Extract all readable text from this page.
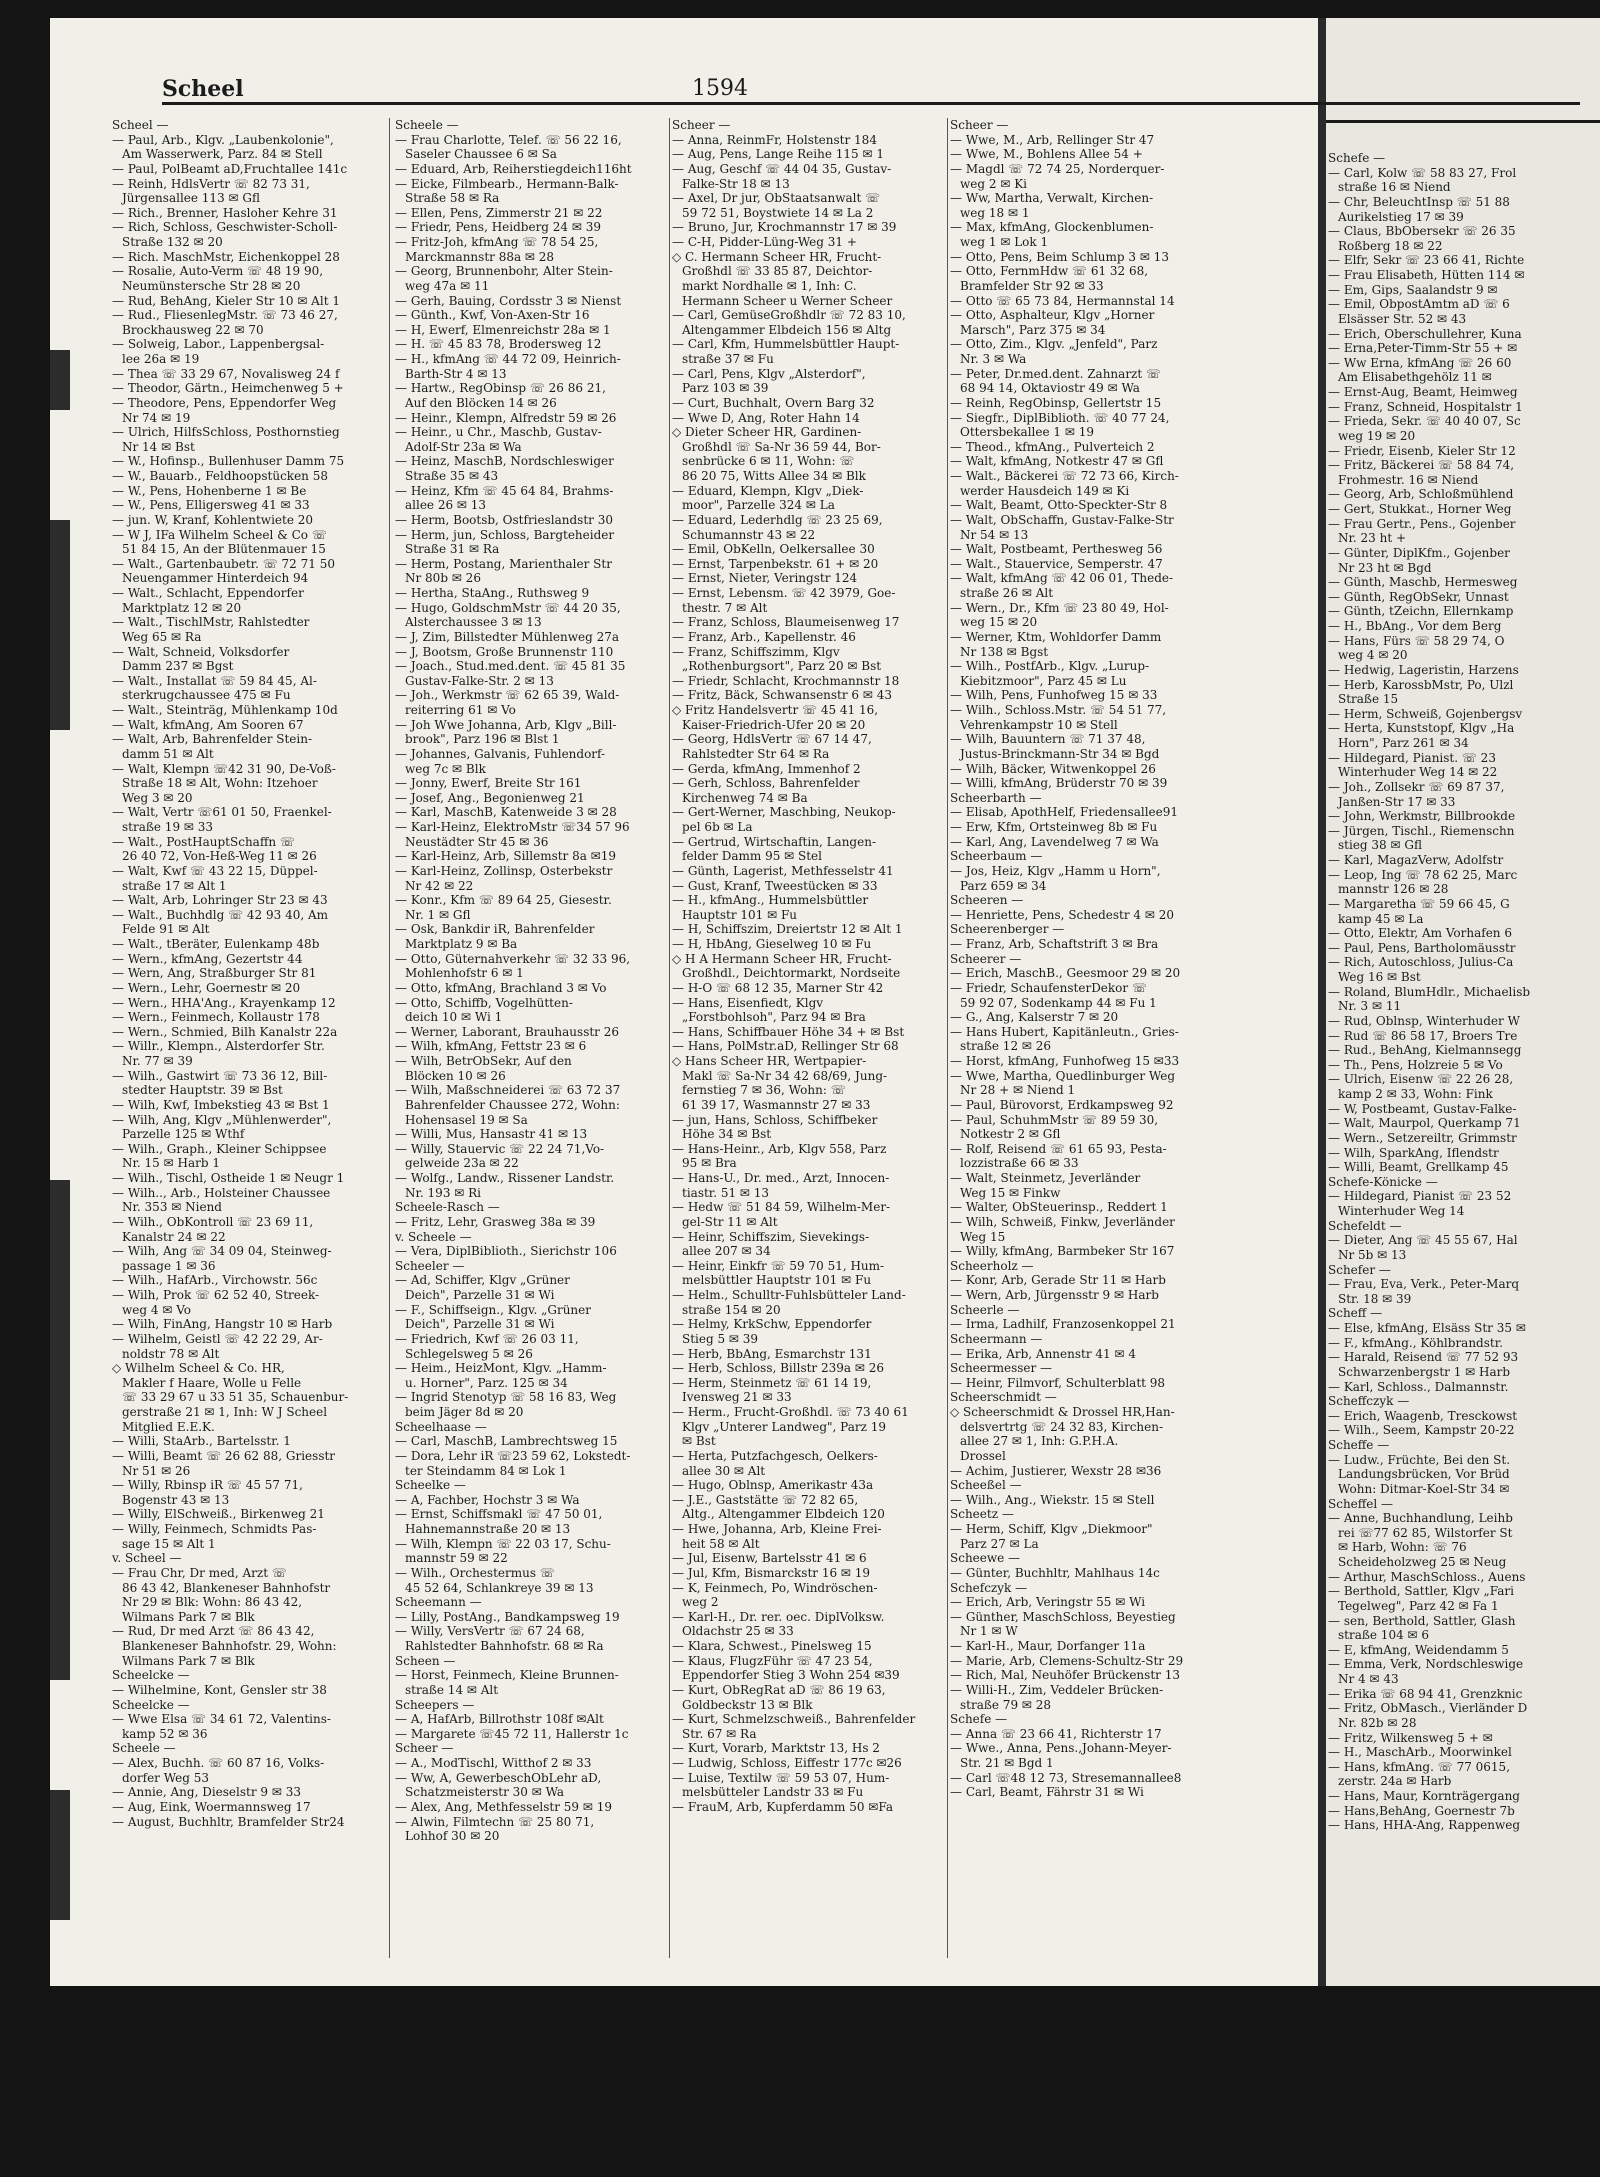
Schefe —
— Carl, Kolw ☏ 58 83 27, Frol
straße 16 ✉ Niend
— Chr, BeleuchtInsp ☏ 51 88
Aurikelstieg 17 ✉ 39
— Claus, BbObersekr ☏ 26 35
Roßberg 18 ✉ 22
— Elfr, Sekr ☏ 23 66 41, Richte
— Frau Elisabeth, Hütten 114 ✉
— Em, Gips, Saalandstr 9 ✉
— Emil, ObpostAmtm aD ☏ 6
Elsässer Str. 52 ✉ 43
— Erich, Oberschullehrer, Kuna
— Erna,Peter-Timm-Str 55 + ✉
— Ww Erna, kfmAng ☏ 26 60
Am Elisabethgehölz 11 ✉
— Ernst-Aug, Beamt, Heimweg
— Franz, Schneid, Hospitalstr 1
— Frieda, Sekr. ☏ 40 40 07, Sc
weg 19 ✉ 20
— Friedr, Eisenb, Kieler Str 12
— Fritz, Bäckerei ☏ 58 84 74,
Frohmestr. 16 ✉ Niend
— Georg, Arb, Schloßmühlend
— Gert, Stukkat., Horner Weg
— Frau Gertr., Pens., Gojenber
Nr. 23 ht +
— Günter, DiplKfm., Gojenber
Nr 23 ht ✉ Bgd
— Günth, Maschb, Hermesweg
— Günth, RegObSekr, Unnast
— Günth, tZeichn, Ellernkamp
— H., BbAng., Vor dem Berg
— Hans, Fürs ☏ 58 29 74, O
weg 4 ✉ 20
— Hedwig, Lageristin, Harzens
— Herb, KarossbMstr, Po, Ulzl
Straße 15
— Herm, Schweiß, Gojenbergsv
— Herta, Kunststopf, Klgv „Ha
Horn", Parz 261 ✉ 34
— Hildegard, Pianist. ☏ 23
Winterhuder Weg 14 ✉ 22
— Joh., Zollsekr ☏ 69 87 37,
Janßen-Str 17 ✉ 33
— John, Werkmstr, Billbrookde
— Jürgen, Tischl., Riemenschn
stieg 38 ✉ Gfl
— Karl, MagazVerw, Adolfstr
— Leop, Ing ☏ 78 62 25, Marc
mannstr 126 ✉ 28
— Margaretha ☏ 59 66 45, G
kamp 45 ✉ La
— Otto, Elektr, Am Vorhafen 6
— Paul, Pens, Bartholomäusstr
— Rich, Autoschloss, Julius-Ca
Weg 16 ✉ Bst
— Roland, BlumHdlr., Michaelisb
Nr. 3 ✉ 11
— Rud, Oblnsp, Winterhuder W
— Rud ☏ 86 58 17, Broers Tre
— Rud., BehAng, Kielmannsegg
— Th., Pens, Holzreie 5 ✉ Vo
— Ulrich, Eisenw ☏ 22 26 28,
kamp 2 ✉ 33, Wohn: Fink
— W, Postbeamt, Gustav-Falke-
— Walt, Maurpol, Querkamp 71
— Wern., Setzereiltr, Grimmstr
— Wilh, SparkAng, Iflendstr
— Willi, Beamt, Grellkamp 45
Schefe-Könicke —
— Hildegard, Pianist ☏ 23 52
Winterhuder Weg 14
Schefeldt —
— Dieter, Ang ☏ 45 55 67, Hal
Nr 5b ✉ 13
Schefer —
— Frau, Eva, Verk., Peter-Marq
Str. 18 ✉ 39
Scheff —
— Else, kfmAng, Elsäss Str 35 ✉
— F., kfmAng., Köhlbrandstr.
— Harald, Reisend ☏ 77 52 93
Schwarzenbergstr 1 ✉ Harb
— Karl, Schloss., Dalmannstr.
Scheffczyk —
— Erich, Waagenb, Tresckowst
— Wilh., Seem, Kampstr 20-22
Scheffe —
— Ludw., Früchte, Bei den St.
Landungsbrücken, Vor Brüd
Wohn: Ditmar-Koel-Str 34 ✉
Scheffel —
— Anne, Buchhandlung, Leihb
rei ☏77 62 85, Wilstorfer St
✉ Harb, Wohn: ☏ 76
Scheideholzweg 25 ✉ Neug
— Arthur, MaschSchloss., Auens
— Berthold, Sattler, Klgv „Fari
Tegelweg", Parz 42 ✉ Fa 1
— sen, Berthold, Sattler, Glash
straße 104 ✉ 6
— E, kfmAng, Weidendamm 5
— Emma, Verk, Nordschleswige
Nr 4 ✉ 43
— Erika ☏ 68 94 41, Grenzknic
— Fritz, ObMasch., Vierländer D
Nr. 82b ✉ 28
— Fritz, Wilkensweg 5 + ✉
— H., MaschArb., Moorwinkel
— Hans, kfmAng. ☏ 77 0615,
zerstr. 24a ✉ Harb
— Hans, Maur, Kornträgergang
— Hans,BehAng, Goernestr 7b
— Hans, HHA-Ang, Rappenweg
Scheel	1594
Scheel —
— Paul, Arb., Klgv. „Laubenkolonie",
Am Wasserwerk, Parz. 84 ✉ Stell
— Paul, PolBeamt aD,Fruchtallee 141c
— Reinh, HdlsVertr ☏ 82 73 31,
Jürgensallee 113 ✉ Gfl
— Rich., Brenner, Hasloher Kehre 31
— Rich, Schloss, Geschwister-Scholl-
Straße 132 ✉ 20
— Rich. MaschMstr, Eichenkoppel 28
— Rosalie, Auto-Verm ☏ 48 19 90,
Neumünstersche Str 28 ✉ 20
— Rud, BehAng, Kieler Str 10 ✉ Alt 1
— Rud., FliesenlegMstr. ☏ 73 46 27,
Brockhausweg 22 ✉ 70
— Solweig, Labor., Lappenbergsal-
lee 26a ✉ 19
— Thea ☏ 33 29 67, Novalisweg 24 f
— Theodor, Gärtn., Heimchenweg 5 +
— Theodore, Pens, Eppendorfer Weg
Nr 74 ✉ 19
— Ulrich, HilfsSchloss, Posthornstieg
Nr 14 ✉ Bst
— W., Hofinsp., Bullenhuser Damm 75
— W., Bauarb., Feldhoopstücken 58
— W., Pens, Hohenberne 1 ✉ Be
— W., Pens, Elligersweg 41 ✉ 33
— jun. W, Kranf, Kohlentwiete 20
— W J, IFa Wilhelm Scheel & Co ☏
51 84 15, An der Blütenmauer 15
— Walt., Gartenbaubetr. ☏ 72 71 50
Neuengammer Hinterdeich 94
— Walt., Schlacht, Eppendorfer
Marktplatz 12 ✉ 20
— Walt., TischlMstr, Rahlstedter
Weg 65 ✉ Ra
— Walt, Schneid, Volksdorfer
Damm 237 ✉ Bgst
— Walt., Installat ☏ 59 84 45, Al-
sterkrugchaussee 475 ✉ Fu
— Walt., Steinträg, Mühlenkamp 10d
— Walt, kfmAng, Am Sooren 67
— Walt, Arb, Bahrenfelder Stein-
damm 51 ✉ Alt
— Walt, Klempn ☏42 31 90, De-Voß-
Straße 18 ✉ Alt, Wohn: Itzehoer
Weg 3 ✉ 20
— Walt, Vertr ☏61 01 50, Fraenkel-
straße 19 ✉ 33
— Walt., PostHauptSchaffn ☏
26 40 72, Von-Heß-Weg 11 ✉ 26
— Walt, Kwf ☏ 43 22 15, Düppel-
straße 17 ✉ Alt 1
— Walt, Arb, Lohringer Str 23 ✉ 43
— Walt., Buchhdlg ☏ 42 93 40, Am
Felde 91 ✉ Alt
— Walt., tBeräter, Eulenkamp 48b
— Wern., kfmAng, Gezertstr 44
— Wern, Ang, Straßburger Str 81
— Wern., Lehr, Goernestr ✉ 20
— Wern., HHA'Ang., Krayenkamp 12
— Wern., Feinmech, Kollaustr 178
— Wern., Schmied, Bilh Kanalstr 22a
— Willr., Klempn., Alsterdorfer Str.
Nr. 77 ✉ 39
— Wilh., Gastwirt ☏ 73 36 12, Bill-
stedter Hauptstr. 39 ✉ Bst
— Wilh, Kwf, Imbekstieg 43 ✉ Bst 1
— Wilh, Ang, Klgv „Mühlenwerder",
Parzelle 125 ✉ Wthf
— Wilh., Graph., Kleiner Schippsee
Nr. 15 ✉ Harb 1
— Wilh., Tischl, Ostheide 1 ✉ Neugr 1
— Wilh.., Arb., Holsteiner Chaussee
Nr. 353 ✉ Niend
— Wilh., ObKontroll ☏ 23 69 11,
Kanalstr 24 ✉ 22
— Wilh, Ang ☏ 34 09 04, Steinweg-
passage 1 ✉ 36
— Wilh., HafArb., Virchowstr. 56c
— Wilh, Prok ☏ 62 52 40, Streek-
weg 4 ✉ Vo
— Wilh, FinAng, Hangstr 10 ✉ Harb
— Wilhelm, Geistl ☏ 42 22 29, Ar-
noldstr 78 ✉ Alt
◇ Wilhelm Scheel & Co. HR,
Makler f Haare, Wolle u Felle
☏ 33 29 67 u 33 51 35, Schauenbur-
gerstraße 21 ✉ 1, Inh: W J Scheel
Mitglied E.E.K.
— Willi, StaArb., Bartelsstr. 1
— Willi, Beamt ☏ 26 62 88, Griesstr
Nr 51 ✉ 26
— Willy, Rbinsp iR ☏ 45 57 71,
Bogenstr 43 ✉ 13
— Willy, ElSchweiß., Birkenweg 21
— Willy, Feinmech, Schmidts Pas-
sage 15 ✉ Alt 1
v. Scheel —
— Frau Chr, Dr med, Arzt ☏
86 43 42, Blankeneser Bahnhofstr
Nr 29 ✉ Blk: Wohn: 86 43 42,
Wilmans Park 7 ✉ Blk
— Rud, Dr med Arzt ☏ 86 43 42,
Blankeneser Bahnhofstr. 29, Wohn:
Wilmans Park 7 ✉ Blk
Scheelcke —
— Wilhelmine, Kont, Gensler str 38
Scheelcke —
— Wwe Elsa ☏ 34 61 72, Valentins-
kamp 52 ✉ 36
Scheele —
— Alex, Buchh. ☏ 60 87 16, Volks-
dorfer Weg 53
— Annie, Ang, Dieselstr 9 ✉ 33
— Aug, Eink, Woermannsweg 17
— August, Buchhltr, Bramfelder Str24
Scheele —
— Frau Charlotte, Telef. ☏ 56 22 16,
Saseler Chaussee 6 ✉ Sa
— Eduard, Arb, Reiherstiegdeich116ht
— Eicke, Filmbearb., Hermann-Balk-
Straße 58 ✉ Ra
— Ellen, Pens, Zimmerstr 21 ✉ 22
— Friedr, Pens, Heidberg 24 ✉ 39
— Fritz-Joh, kfmAng ☏ 78 54 25,
Marckmannstr 88a ✉ 28
— Georg, Brunnenbohr, Alter Stein-
weg 47a ✉ 11
— Gerh, Bauing, Cordsstr 3 ✉ Nienst
— Günth., Kwf, Von-Axen-Str 16
— H, Ewerf, Elmenreichstr 28a ✉ 1
— H. ☏ 45 83 78, Brodersweg 12
— H., kfmAng ☏ 44 72 09, Heinrich-
Barth-Str 4 ✉ 13
— Hartw., RegObinsp ☏ 26 86 21,
Auf den Blöcken 14 ✉ 26
— Heinr., Klempn, Alfredstr 59 ✉ 26
— Heinr., u Chr., Maschb, Gustav-
Adolf-Str 23a ✉ Wa
— Heinz, MaschB, Nordschleswiger
Straße 35 ✉ 43
— Heinz, Kfm ☏ 45 64 84, Brahms-
allee 26 ✉ 13
— Herm, Bootsb, Ostfrieslandstr 30
— Herm, jun, Schloss, Bargteheider
Straße 31 ✉ Ra
— Herm, Postang, Marienthaler Str
Nr 80b ✉ 26
— Hertha, StaAng., Ruthsweg 9
— Hugo, GoldschmMstr ☏ 44 20 35,
Alsterchaussee 3 ✉ 13
— J, Zim, Billstedter Mühlenweg 27a
— J, Bootsm, Große Brunnenstr 110
— Joach., Stud.med.dent. ☏ 45 81 35
Gustav-Falke-Str. 2 ✉ 13
— Joh., Werkmstr ☏ 62 65 39, Wald-
reiterring 61 ✉ Vo
— Joh Wwe Johanna, Arb, Klgv „Bill-
brook", Parz 196 ✉ Blst 1
— Johannes, Galvanis, Fuhlendorf-
weg 7c ✉ Blk
— Jonny, Ewerf, Breite Str 161
— Josef, Ang., Begonienweg 21
— Karl, MaschB, Katenweide 3 ✉ 28
— Karl-Heinz, ElektroMstr ☏34 57 96
Neustädter Str 45 ✉ 36
— Karl-Heinz, Arb, Sillemstr 8a ✉19
— Karl-Heinz, Zollinsp, Osterbekstr
Nr 42 ✉ 22
— Konr., Kfm ☏ 89 64 25, Giesestr.
Nr. 1 ✉ Gfl
— Osk, Bankdir iR, Bahrenfelder
Marktplatz 9 ✉ Ba
— Otto, Güternahverkehr ☏ 32 33 96,
Mohlenhofstr 6 ✉ 1
— Otto, kfmAng, Brachland 3 ✉ Vo
— Otto, Schiffb, Vogelhütten-
deich 10 ✉ Wi 1
— Werner, Laborant, Brauhausstr 26
— Wilh, kfmAng, Fettstr 23 ✉ 6
— Wilh, BetrObSekr, Auf den
Blöcken 10 ✉ 26
— Wilh, Maßschneiderei ☏ 63 72 37
Bahrenfelder Chaussee 272, Wohn:
Hohensasel 19 ✉ Sa
— Willi, Mus, Hansastr 41 ✉ 13
— Willy, Stauervic ☏ 22 24 71,Vo-
gelweide 23a ✉ 22
— Wolfg., Landw., Rissener Landstr.
Nr. 193 ✉ Ri
Scheele-Rasch —
— Fritz, Lehr, Grasweg 38a ✉ 39
v. Scheele —
— Vera, DiplBiblioth., Sierichstr 106
Scheeler —
— Ad, Schiffer, Klgv „Grüner
Deich", Parzelle 31 ✉ Wi
— F., Schiffseign., Klgv. „Grüner
Deich", Parzelle 31 ✉ Wi
— Friedrich, Kwf ☏ 26 03 11,
Schlegelsweg 5 ✉ 26
— Heim., HeizMont, Klgv. „Hamm-
u. Horner", Parz. 125 ✉ 34
— Ingrid Stenotyp ☏ 58 16 83, Weg
beim Jäger 8d ✉ 20
Scheelhaase —
— Carl, MaschB, Lambrechtsweg 15
— Dora, Lehr iR ☏23 59 62, Lokstedt-
ter Steindamm 84 ✉ Lok 1
Scheelke —
— A, Fachber, Hochstr 3 ✉ Wa
— Ernst, Schiffsmakl ☏ 47 50 01,
Hahnemannstraße 20 ✉ 13
— Wilh, Klempn ☏ 22 03 17, Schu-
mannstr 59 ✉ 22
— Wilh., Orchestermus ☏
45 52 64, Schlankreye 39 ✉ 13
Scheemann —
— Lilly, PostAng., Bandkampsweg 19
— Willy, VersVertr ☏ 67 24 68,
Rahlstedter Bahnhofstr. 68 ✉ Ra
Scheen —
— Horst, Feinmech, Kleine Brunnen-
straße 14 ✉ Alt
Scheepers —
— A, HafArb, Billrothstr 108f ✉Alt
— Margarete ☏45 72 11, Hallerstr 1c
Scheer —
— A., ModTischl, Witthof 2 ✉ 33
— Ww, A, GewerbeschObLehr aD,
Schatzmeisterstr 30 ✉ Wa
— Alex, Ang, Methfesselstr 59 ✉ 19
— Alwin, Filmtechn ☏ 25 80 71,
Lohhof 30 ✉ 20
Scheer —
— Anna, ReinmFr, Holstenstr 184
— Aug, Pens, Lange Reihe 115 ✉ 1
— Aug, Geschf ☏ 44 04 35, Gustav-
Falke-Str 18 ✉ 13
— Axel, Dr jur, ObStaatsanwalt ☏
59 72 51, Boystwiete 14 ✉ La 2
— Bruno, Jur, Krochmannstr 17 ✉ 39
— C-H, Pidder-Lüng-Weg 31 +
◇ C. Hermann Scheer HR, Frucht-
Großhdl ☏ 33 85 87, Deichtor-
markt Nordhalle ✉ 1, Inh: C.
Hermann Scheer u Werner Scheer
— Carl, GemüseGroßhdlr ☏ 72 83 10,
Altengammer Elbdeich 156 ✉ Altg
— Carl, Kfm, Hummelsbüttler Haupt-
straße 37 ✉ Fu
— Carl, Pens, Klgv „Alsterdorf",
Parz 103 ✉ 39
— Curt, Buchhalt, Overn Barg 32
— Wwe D, Ang, Roter Hahn 14
◇ Dieter Scheer HR, Gardinen-
Großhdl ☏ Sa-Nr 36 59 44, Bor-
senbrücke 6 ✉ 11, Wohn: ☏
86 20 75, Witts Allee 34 ✉ Blk
— Eduard, Klempn, Klgv „Diek-
moor", Parzelle 324 ✉ La
— Eduard, Lederhdlg ☏ 23 25 69,
Schumannstr 43 ✉ 22
— Emil, ObKelln, Oelkersallee 30
— Ernst, Tarpenbekstr. 61 + ✉ 20
— Ernst, Nieter, Veringstr 124
— Ernst, Lebensm. ☏ 42 3979, Goe-
thestr. 7 ✉ Alt
— Franz, Schloss, Blaumeisenweg 17
— Franz, Arb., Kapellenstr. 46
— Franz, Schiffszimm, Klgv
„Rothenburgsort", Parz 20 ✉ Bst
— Friedr, Schlacht, Krochmannstr 18
— Fritz, Bäck, Schwansenstr 6 ✉ 43
◇ Fritz Handelsvertr ☏ 45 41 16,
Kaiser-Friedrich-Ufer 20 ✉ 20
— Georg, HdlsVertr ☏ 67 14 47,
Rahlstedter Str 64 ✉ Ra
— Gerda, kfmAng, Immenhof 2
— Gerh, Schloss, Bahrenfelder
Kirchenweg 74 ✉ Ba
— Gert-Werner, Maschbing, Neukop-
pel 6b ✉ La
— Gertrud, Wirtschaftin, Langen-
felder Damm 95 ✉ Stel
— Günth, Lagerist, Methfesselstr 41
— Gust, Kranf, Tweestücken ✉ 33
— H., kfmAng., Hummelsbüttler
Hauptstr 101 ✉ Fu
— H, Schiffszim, Dreiertstr 12 ✉ Alt 1
— H, HbAng, Gieselweg 10 ✉ Fu
◇ H A Hermann Scheer HR, Frucht-
Großhdl., Deichtormarkt, Nordseite
— H-O ☏ 68 12 35, Marner Str 42
— Hans, Eisenfiedt, Klgv
„Forstbohlsoh", Parz 94 ✉ Bra
— Hans, Schiffbauer Höhe 34 + ✉ Bst
— Hans, PolMstr.aD, Rellinger Str 68
◇ Hans Scheer HR, Wertpapier-
Makl ☏ Sa-Nr 34 42 68/69, Jung-
fernstieg 7 ✉ 36, Wohn: ☏
61 39 17, Wasmannstr 27 ✉ 33
— jun, Hans, Schloss, Schiffbeker
Höhe 34 ✉ Bst
— Hans-Heinr., Arb, Klgv 558, Parz
95 ✉ Bra
— Hans-U., Dr. med., Arzt, Innocen-
tiastr. 51 ✉ 13
— Hedw ☏ 51 84 59, Wilhelm-Mer-
gel-Str 11 ✉ Alt
— Heinr, Schiffszim, Sievekings-
allee 207 ✉ 34
— Heinr, Einkfr ☏ 59 70 51, Hum-
melsbüttler Hauptstr 101 ✉ Fu
— Helm., Schulltr-Fuhlsbütteler Land-
straße 154 ✉ 20
— Helmy, KrkSchw, Eppendorfer
Stieg 5 ✉ 39
— Herb, BbAng, Esmarchstr 131
— Herb, Schloss, Billstr 239a ✉ 26
— Herm, Steinmetz ☏ 61 14 19,
Ivensweg 21 ✉ 33
— Herm., Frucht-Großhdl. ☏ 73 40 61
Klgv „Unterer Landweg", Parz 19
✉ Bst
— Herta, Putzfachgesch, Oelkers-
allee 30 ✉ Alt
— Hugo, Oblnsp, Amerikastr 43a
— J.E., Gaststätte ☏ 72 82 65,
Altg., Altengammer Elbdeich 120
— Hwe, Johanna, Arb, Kleine Frei-
heit 58 ✉ Alt
— Jul, Eisenw, Bartelsstr 41 ✉ 6
— Jul, Kfm, Bismarckstr 16 ✉ 19
— K, Feinmech, Po, Windröschen-
weg 2
— Karl-H., Dr. rer. oec. DiplVolksw.
Oldachstr 25 ✉ 33
— Klara, Schwest., Pinelsweg 15
— Klaus, FlugzFühr ☏ 47 23 54,
Eppendorfer Stieg 3 Wohn 254 ✉39
— Kurt, ObRegRat aD ☏ 86 19 63,
Goldbeckstr 13 ✉ Blk
— Kurt, Schmelzschweiß., Bahrenfelder
Str. 67 ✉ Ra
— Kurt, Vorarb, Marktstr 13, Hs 2
— Ludwig, Schloss, Eiffestr 177c ✉26
— Luise, Textilw ☏ 59 53 07, Hum-
melsbütteler Landstr 33 ✉ Fu
— FrauM, Arb, Kupferdamm 50 ✉Fa
Scheer —
— Wwe, M., Arb, Rellinger Str 47
— Wwe, M., Bohlens Allee 54 +
— Magdl ☏ 72 74 25, Norderquer-
weg 2 ✉ Ki
— Ww, Martha, Verwalt, Kirchen-
weg 18 ✉ 1
— Max, kfmAng, Glockenblumen-
weg 1 ✉ Lok 1
— Otto, Pens, Beim Schlump 3 ✉ 13
— Otto, FernmHdw ☏ 61 32 68,
Bramfelder Str 92 ✉ 33
— Otto ☏ 65 73 84, Hermannstal 14
— Otto, Asphalteur, Klgv „Horner
Marsch", Parz 375 ✉ 34
— Otto, Zim., Klgv. „Jenfeld", Parz
Nr. 3 ✉ Wa
— Peter, Dr.med.dent. Zahnarzt ☏
68 94 14, Oktaviostr 49 ✉ Wa
— Reinh, RegObinsp, Gellertstr 15
— Siegfr., DiplBiblioth. ☏ 40 77 24,
Ottersbekallee 1 ✉ 19
— Theod., kfmAng., Pulverteich 2
— Walt, kfmAng, Notkestr 47 ✉ Gfl
— Walt., Bäckerei ☏ 72 73 66, Kirch-
werder Hausdeich 149 ✉ Ki
— Walt, Beamt, Otto-Speckter-Str 8
— Walt, ObSchaffn, Gustav-Falke-Str
Nr 54 ✉ 13
— Walt, Postbeamt, Perthesweg 56
— Walt., Stauervice, Semperstr. 47
— Walt, kfmAng ☏ 42 06 01, Thede-
straße 26 ✉ Alt
— Wern., Dr., Kfm ☏ 23 80 49, Hol-
weg 15 ✉ 20
— Werner, Ktm, Wohldorfer Damm
Nr 138 ✉ Bgst
— Wilh., PostfArb., Klgv. „Lurup-
Kiebitzmoor", Parz 45 ✉ Lu
— Wilh, Pens, Funhofweg 15 ✉ 33
— Wilh., Schloss.Mstr. ☏ 54 51 77,
Vehrenkampstr 10 ✉ Stell
— Wilh, Bauuntern ☏ 71 37 48,
Justus-Brinckmann-Str 34 ✉ Bgd
— Wilh, Bäcker, Witwenkoppel 26
— Willi, kfmAng, Brüderstr 70 ✉ 39
Scheerbarth —
— Elisab, ApothHelf, Friedensallee91
— Erw, Kfm, Ortsteinweg 8b ✉ Fu
— Karl, Ang, Lavendelweg 7 ✉ Wa
Scheerbaum —
— Jos, Heiz, Klgv „Hamm u Horn",
Parz 659 ✉ 34
Scheeren —
— Henriette, Pens, Schedestr 4 ✉ 20
Scheerenberger —
— Franz, Arb, Schaftstrift 3 ✉ Bra
Scheerer —
— Erich, MaschB., Geesmoor 29 ✉ 20
— Friedr, SchaufensterDekor ☏
59 92 07, Sodenkamp 44 ✉ Fu 1
— G., Ang, Kalserstr 7 ✉ 20
— Hans Hubert, Kapitänleutn., Gries-
straße 12 ✉ 26
— Horst, kfmAng, Funhofweg 15 ✉33
— Wwe, Martha, Quedlinburger Weg
Nr 28 + ✉ Niend 1
— Paul, Bürovorst, Erdkampsweg 92
— Paul, SchuhmMstr ☏ 89 59 30,
Notkestr 2 ✉ Gfl
— Rolf, Reisend ☏ 61 65 93, Pesta-
lozzistraße 66 ✉ 33
— Walt, Steinmetz, Jeverländer
Weg 15 ✉ Finkw
— Walter, ObSteuerinsp., Reddert 1
— Wilh, Schweiß, Finkw, Jeverländer
Weg 15
— Willy, kfmAng, Barmbeker Str 167
Scheerholz —
— Konr, Arb, Gerade Str 11 ✉ Harb
— Wern, Arb, Jürgensstr 9 ✉ Harb
Scheerle —
— Irma, Ladhilf, Franzosenkoppel 21
Scheermann —
— Erika, Arb, Annenstr 41 ✉ 4
Scheermesser —
— Heinr, Filmvorf, Schulterblatt 98
Scheerschmidt —
◇ Scheerschmidt & Drossel HR,Han-
delsvertrtg ☏ 24 32 83, Kirchen-
allee 27 ✉ 1, Inh: G.P.H.A.
Drossel
— Achim, Justierer, Wexstr 28 ✉36
Scheeßel —
— Wilh., Ang., Wiekstr. 15 ✉ Stell
Scheetz —
— Herm, Schiff, Klgv „Diekmoor"
Parz 27 ✉ La
Scheewe —
— Günter, Buchhltr, Mahlhaus 14c
Schefczyk —
— Erich, Arb, Veringstr 55 ✉ Wi
— Günther, MaschSchloss, Beyestieg
Nr 1 ✉ W
— Karl-H., Maur, Dorfanger 11a
— Marie, Arb, Clemens-Schultz-Str 29
— Rich, Mal, Neuhöfer Brückenstr 13
— Willi-H., Zim, Veddeler Brücken-
straße 79 ✉ 28
Schefe —
— Anna ☏ 23 66 41, Richterstr 17
— Wwe., Anna, Pens.,Johann-Meyer-
Str. 21 ✉ Bgd 1
— Carl ☏48 12 73, Stresemannallee8
— Carl, Beamt, Fährstr 31 ✉ Wi
